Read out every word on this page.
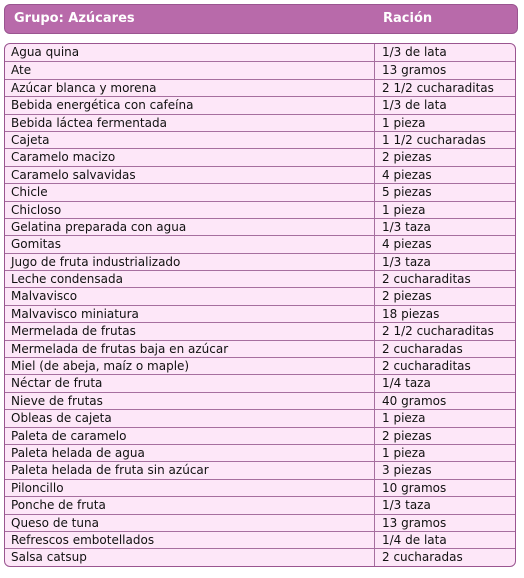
Grupo: Azúcares	Ración
Agua quina	1/3 de lata
Ate	13 gramos
Azúcar blanca y morena	2 1/2 cucharaditas
Bebida energética con cafeína	1/3 de lata
Bebida láctea fermentada	1 pieza
Cajeta	1 1/2 cucharadas
Caramelo macizo	2 piezas
Caramelo salvavidas	4 piezas
Chicle	5 piezas
Chicloso	1 pieza
Gelatina preparada con agua	1/3 taza
Gomitas	4 piezas
Jugo de fruta industrializado	1/3 taza
Leche condensada	2 cucharaditas
Malvavisco	2 piezas
Malvavisco miniatura	18 piezas
Mermelada de frutas	2 1/2 cucharaditas
Mermelada de frutas baja en azúcar	2 cucharadas
Miel (de abeja, maíz o maple)	2 cucharaditas
Néctar de fruta	1/4 taza
Nieve de frutas	40 gramos
Obleas de cajeta	1 pieza
Paleta de caramelo	2 piezas
Paleta helada de agua	1 pieza
Paleta helada de fruta sin azúcar	3 piezas
Piloncillo	10 gramos
Ponche de fruta	1/3 taza
Queso de tuna	13 gramos
Refrescos embotellados	1/4 de lata
Salsa catsup	2 cucharadas
